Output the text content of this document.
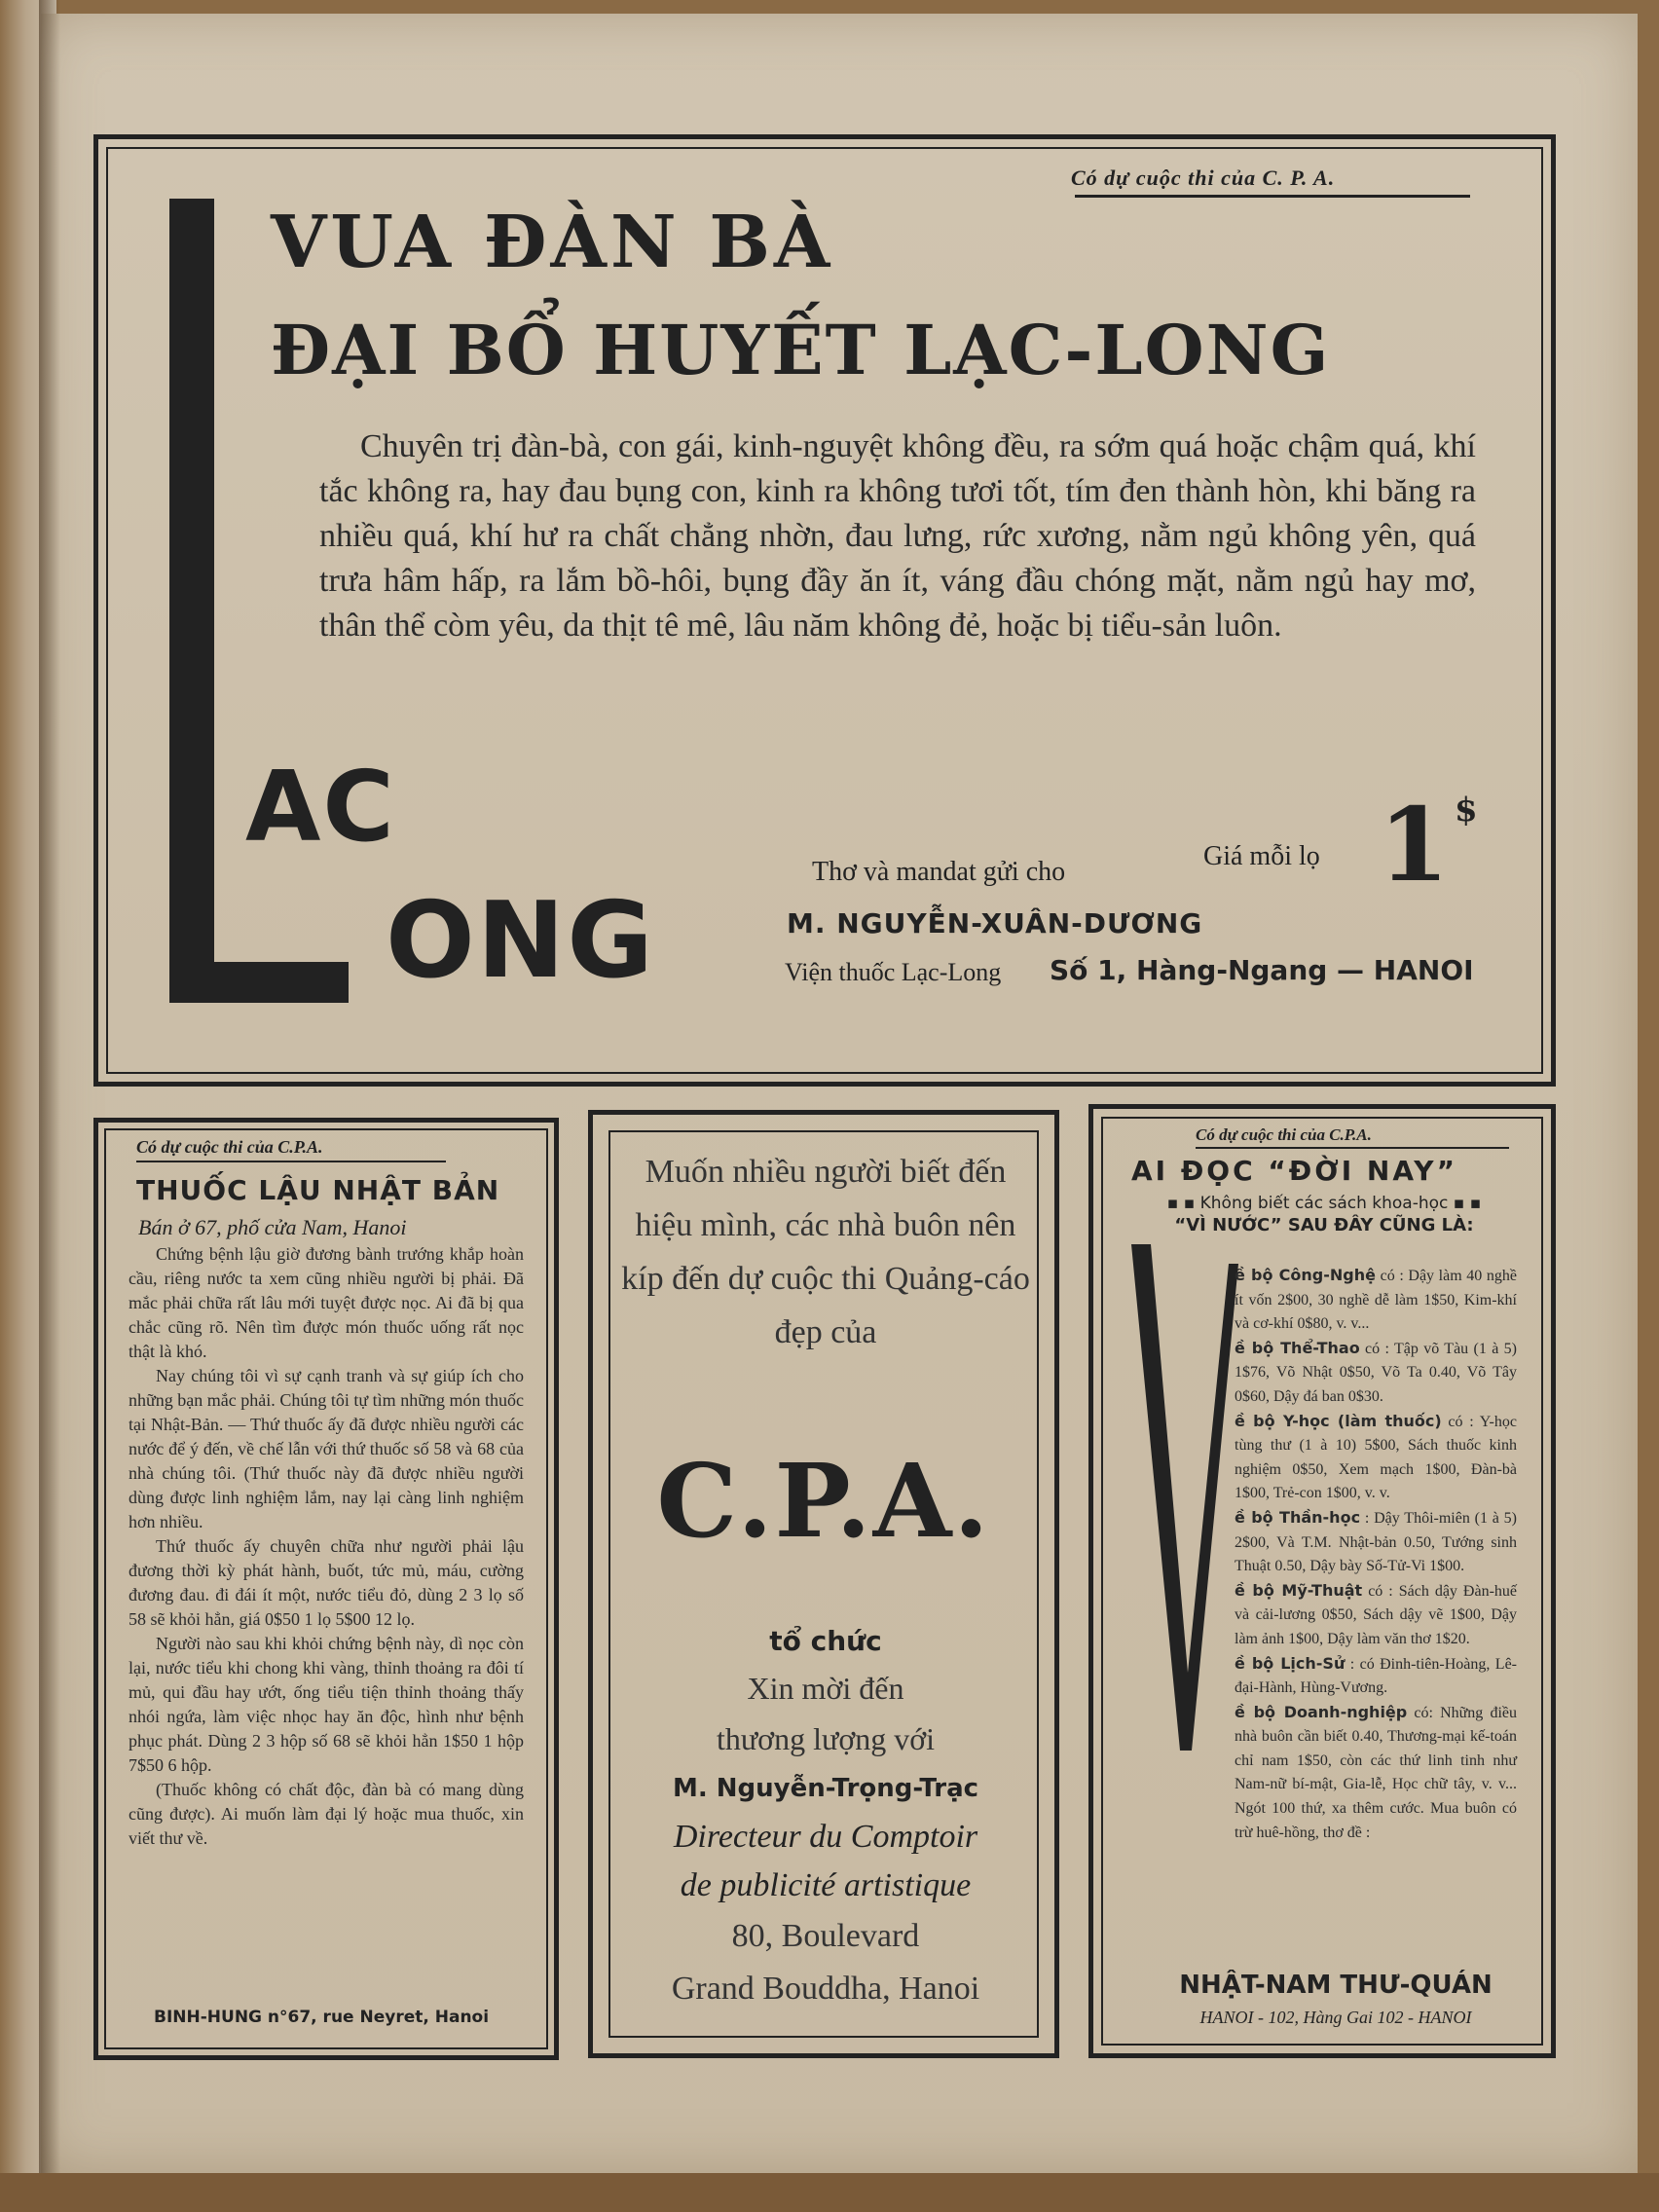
Có dự cuộc thi của C. P. A.
VUA ĐÀN BÀ
ĐẠI BỔ HUYẾT LẠC-LONG
Chuyên trị đàn-bà, con gái, kinh-nguyệt không đều, ra sớm quá hoặc chậm quá, khí tắc không ra, hay đau bụng con, kinh ra không tươi tốt, tím đen thành hòn, khi băng ra nhiều quá, khí hư ra chất chẳng nhờn, đau lưng, rức xương, nằm ngủ không yên, quá trưa hâm hấp, ra lắm bồ-hôi, bụng đầy ăn ít, váng đầu chóng mặt, nằm ngủ hay mơ, thân thể còm yêu, da thịt tê mê, lâu năm không đẻ, hoặc bị tiểu-sản luôn.
AC
ONG
Thơ và mandat gửi cho
Giá mỗi lọ 1 $
M. NGUYỄN-XUÂN-DƯƠNG
Viện thuốc Lạc-Long Số 1, Hàng-Ngang — HANOI
Có dự cuộc thi của C.P.A.
THUỐC LẬU NHẬT BẢN
Bán ở 67, phố cửa Nam, Hanoi

Chứng bệnh lậu giờ đương bành trướng khắp hoàn cầu, riêng nước ta xem cũng nhiều người bị phải. Đã mắc phải chữa rất lâu mới tuyệt được nọc. Ai đã bị qua chắc cũng rõ. Nên tìm được món thuốc uống rất nọc thật là khó.

Nay chúng tôi vì sự cạnh tranh và sự giúp ích cho những bạn mắc phải. Chúng tôi tự tìm những món thuốc tại Nhật-Bản. — Thứ thuốc ấy đã được nhiều người các nước để ý đến, về chế lẫn với thứ thuốc số 58 và 68 của nhà chúng tôi. (Thứ thuốc này đã được nhiều người dùng được linh nghiệm lắm, nay lại càng linh nghiệm hơn nhiều.

Thứ thuốc ấy chuyên chữa như người phải lậu đương thời kỳ phát hành, buốt, tức mủ, máu, cường đương đau. đi đái ít một, nước tiểu đỏ, dùng 2 3 lọ số 58 sẽ khỏi hẳn, giá 0$50 1 lọ 5$00 12 lọ.

Người nào sau khi khỏi chứng bệnh này, dì nọc còn lại, nước tiểu khi chong khi vàng, thỉnh thoảng ra đôi tí mủ, qui đầu hay ướt, ống tiểu tiện thỉnh thoảng thấy nhói ngứa, làm việc nhọc hay ăn độc, hình như bệnh phục phát. Dùng 2 3 hộp số 68 sẽ khỏi hẳn 1$50 1 hộp 7$50 6 hộp.

(Thuốc không có chất độc, đàn bà có mang dùng cũng được). Ai muốn làm đại lý hoặc mua thuốc, xin viết thư về.

BINH-HUNG n°67, rue Neyret, Hanoi
Muốn nhiều người biết đến hiệu mình, các nhà buôn nên kíp đến dự cuộc thi Quảng-cáo đẹp của
C.P.A.
tổ chức
Xin mời đến
thương lượng với
M. Nguyễn-Trọng-Trạc
Directeur du Comptoir
de publicité artistique
80, Boulevard
Grand Bouddha, Hanoi
Có dự cuộc thi của C.P.A.
AI ĐỌC “ĐỜI NAY”
▪ ▪ Không biết các sách khoa-học ▪ ▪
“VÌ NƯỚC” SAU ĐÂY CŨNG LÀ:

ề bộ Công-Nghệ có : Dậy làm 40 nghề ít vốn 2$00, 30 nghề dễ làm 1$50, Kim-khí và cơ-khí 0$80, v. v...

ề bộ Thể-Thao có : Tập võ Tàu (1 à 5) 1$76, Võ Nhật 0$50, Võ Ta 0.40, Võ Tây 0$60, Dậy đá ban 0$30.

ề bộ Y-học (làm thuốc) có : Y-học tùng thư (1 à 10) 5$00, Sách thuốc kinh nghiệm 0$50, Xem mạch 1$00, Đàn-bà 1$00, Trẻ-con 1$00, v. v.

ề bộ Thần-học : Dậy Thôi-miên (1 à 5) 2$00, Và T.M. Nhật-bản 0.50, Tướng sinh Thuật 0.50, Dậy bày Số-Tử-Vi 1$00.

ề bộ Mỹ-Thuật có : Sách dậy Đàn-huế và cải-lương 0$50, Sách dậy vẽ 1$00, Dậy làm ảnh 1$00, Dậy làm văn thơ 1$20.

ề bộ Lịch-Sử : có Đinh-tiên-Hoàng, Lê-đại-Hành, Hùng-Vương.

ề bộ Doanh-nghiệp có: Những điều nhà buôn cần biết 0.40, Thương-mại kế-toán chỉ nam 1$50, còn các thứ linh tinh như Nam-nữ bí-mật, Gia-lễ, Học chữ tây, v. v... Ngót 100 thứ, xa thêm cước. Mua buôn có trừ huê-hồng, thơ đề :

NHẬT-NAM THƯ-QUÁN
HANOI - 102, Hàng Gai 102 - HANOI
